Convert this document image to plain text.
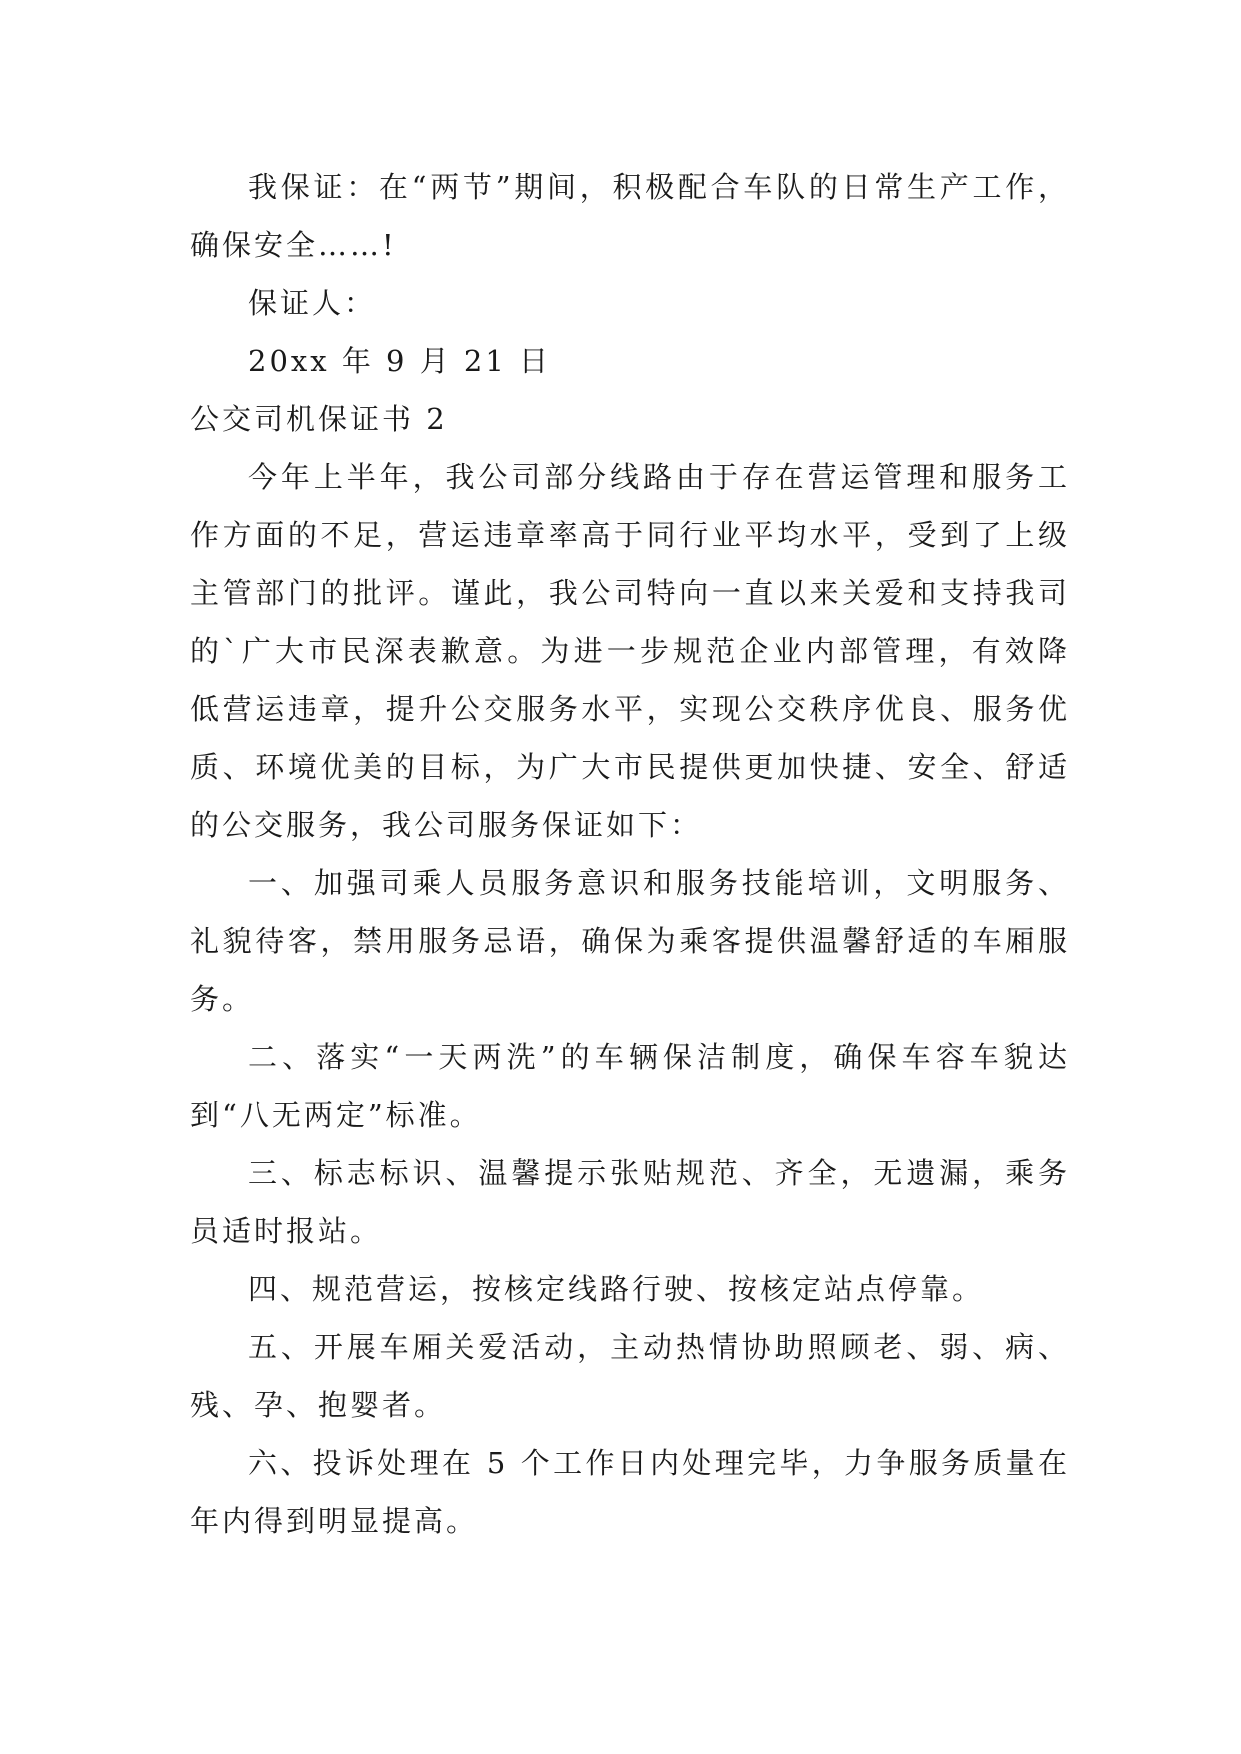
我保证：在“两节”期间，积极配合车队的日常生产工作，确保安全……!

保证人：

20xx 年 9 月 21 日

公交司机保证书 2

今年上半年，我公司部分线路由于存在营运管理和服务工作方面的不足，营运违章率高于同行业平均水平，受到了上级主管部门的批评。谨此，我公司特向一直以来关爱和支持我司的`广大市民深表歉意。为进一步规范企业内部管理，有效降低营运违章，提升公交服务水平，实现公交秩序优良、服务优质、环境优美的目标，为广大市民提供更加快捷、安全、舒适的公交服务，我公司服务保证如下：

一、加强司乘人员服务意识和服务技能培训，文明服务、礼貌待客，禁用服务忌语，确保为乘客提供温馨舒适的车厢服务。

二、落实“一天两洗”的车辆保洁制度，确保车容车貌达到“八无两定”标准。

三、标志标识、温馨提示张贴规范、齐全，无遗漏，乘务员适时报站。

四、规范营运，按核定线路行驶、按核定站点停靠。

五、开展车厢关爱活动，主动热情协助照顾老、弱、病、残、孕、抱婴者。

六、投诉处理在 5 个工作日内处理完毕，力争服务质量在年内得到明显提高。
